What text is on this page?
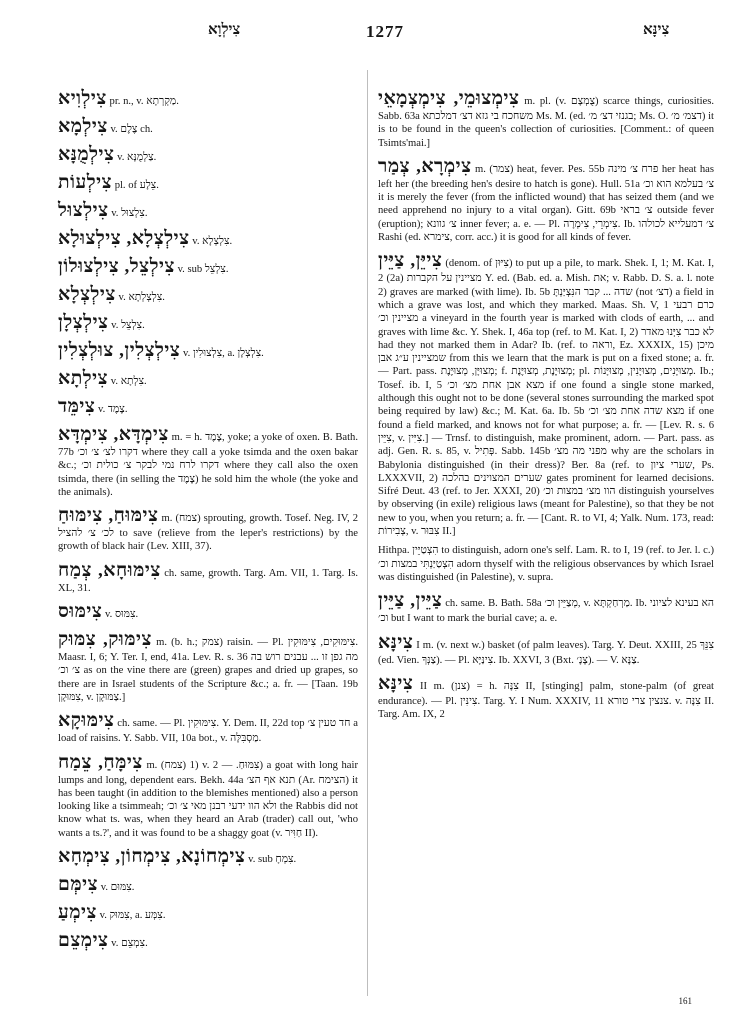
צִילְוָא	1277	צִינָּא
צִילְוִיא pr. n., v. מַקְרְתָא.
צִילְמָא v. צֶלֶם ch.
צִילְמֻנָּא v. צַלְמֻנָּא.
צִילְעוֹת pl. of צֵלָע.
צִילְצוּל v. צִלְצוּל.
צִילְצְלָא, צִילְצוּלָא v. צִלְצְלָא.
צִילְצֵל, צִילְצוּלוֹן v. sub צִלְצֵל.
צִילְצְלָא v. צִלְצְלְתָא.
צִילְצְלָן v. צִלְצֵל.
צִילְצְלִין, צוּלְצְלִין v. צִלְצוּלִין, a. צִלְצְלָן.
צִילְתָא v. צִלְתָא.
צִימֵּד v. צֶמֶד.
צִימְדָּא, צִימְדָּא m. = h. צֶמֶד, yoke; a yoke of oxen. B. Bath. 77b דקרו לצ׳ צ׳ וכ׳ where they call a yoke tsimda and the oxen bakar &c.; דקרו לרח נמי לבקר צ׳ כולית וכ׳ where they call also the oxen tsimda, there (in selling the צֶמֶד) he sold him the whole (the yoke and the animals).
צִימּוּחַ, צִימּוּחַ m. (צמח) sprouting, growth. Tosef. Neg. IV, 2 לכ׳ צ׳ להציל to save (relieve from the leper's restrictions) by the growth of black hair (Lev. XIII, 37).
צִימּוּחָא, צְמַח ch. same, growth. Targ. Am. VII, 1. Targ. Is. XL, 31.
צִימּוּס v. צִמּוּס.
צִימּוּק, צִמּוּק m. (b. h.; צמק) raisin. — Pl. צִימּוּקִים, צִימּוּקִין. Maasr. I, 6; Y. Ter. I, end, 41a. Lev. R. s. 36 מה גפן זו ... עבנים רוש בה צ׳ וכ׳ as on the vine there are (green) grapes and dried up grapes, so there are in Israel students of the Scripture &c.; a. fr. — [Taan. 19b צִמּוּקָן, v. צַמּוּקָן.]
צִימּוּקָא ch. same. — Pl. צִימּוּקִין. Y. Dem. II, 22d top חד טעין צ׳ a load of raisins. Y. Sabb. VII, 10a bot., v. מַסְבִּלָּה.
צִימָּחַ, צֵמַח m. (צמח) 1) v. צִמּוּחַ. — 2) a goat with long hair lumps and long, dependent ears. Bekh. 44a תנא אף הצ׳ (Ar. הצימח) it has been taught (in addition to the blemishes mentioned) also a person looking like a tsimmeah; ולא הוו ידעי רבנן מאי צ׳ וכ׳ the Rabbis did not know what ts. was, when they heard an Arab (trader) call out, 'who wants a ts.?', and it was found to be a shaggy goat (v. חַוִּיר II).
צִימְחוֹנָא, צִימְחוֹן, צִימְחָא v. sub צִמְחָ.
צִימְּם v. צִמּוּם.
צִימְעַ v. צִמּוּק, a. צִמְּע.
צִימְצֵם v. צִמְצֵם.
צִימְצוּמֵי, צִימְצְמָאֵי m. pl. (v. צֻמְצָם) scarce things, curiosities. Sabb. 63a משחכח בי גזא דצ׳ דמלכתא Ms. M. (ed. בגנזי דצ׳ מ׳; Ms. O. דצמ׳ מ׳) it is to be found in the queen's collection of curiosities. [Comment.: of queen Tsimts'mai.]
צִימְרָא, צְמַר m. (צמר) heat, fever. Pes. 55b פרח צ׳ מינה her heat has left her (the breeding hen's desire to hatch is gone). Hull. 51a צ׳ בעלמא הוא וכ׳ it is merely the fever (from the inflicted wound) that has seized them (and we need apprehend no injury to a vital organ). Gitt. 69b צ׳ בראי outside fever (eruption); צ׳ גוונא inner fever; a. e. — Pl. צִימְרֵי, צִימְרָה. Ib. צ׳ דמעלייא לכולהו Rashi (ed. צימרא, corr. acc.) it is good for all kinds of fever.
צִייֵּן, צַיֵּין (denom. of צִיּוּן) to put up a pile, to mark. Shek. I, 1; M. Kat. I, 2 (2a) מציינין על הקברות Y. ed. (Bab. ed. a. Mish. את; v. Rabb. D. S. a. l. note 2) graves are marked (with lime). Ib. 5b שדה ... קבר הנִּצְיַּנְתָּ (not דצ׳) a field in which a grave was lost, and which they marked. Maas. Sh. V, 1 כרם רבעי מציינין וכ׳ a vineyard in the fourth year is marked with clods of earth, ... and graves with lime &c. Y. Shek. I, 46a top (ref. to M. Kat. I, 2) לא כבר צִיְּנוּ מאדר had they not marked them in Adar? Ib. (ref. to וראה, Ez. XXXIX, 15) מיכן שמציינין ע״ג אבן from this we learn that the mark is put on a fixed stone; a. fr. — Part. pass. מְצוּיָּן, מְצוּיֶּנֶת; f. מְצוּיֶּנֶת, מְצוּיֶּנֶת; pl. מְצוּיָּנִים, מְצוּיָּנִין, מְצוּיָּנוֹת. Ib.; Tosef. ib. I, 5 מצא אבן אחת מצ׳ וכ׳ if one found a single stone marked, although this ought not to be done (several stones surrounding the marked spot being required by law) &c.; M. Kat. 6a. Ib. 5b מצא שדה אחת מצ׳ וכ׳ if one found a field marked, and knows not for what purpose; a. fr. — [Lev. R. s. 6 צִיֵּין, v. צִיִּין.] — Trnsf. to distinguish, make prominent, adorn. — Part. pass. as adj. Gen. R. s. 85, v. פְּתִיל. Sabb. 145b מפני מה מצ׳ why are the scholars in Babylonia distinguished (in their dress)? Ber. 8a (ref. to שערי ציון, Ps. LXXXVII, 2) שערים המצוינים בהלכה gates prominent for learned decisions. Sifré Deut. 43 (ref. to Jer. XXXI, 20) הוו מצ׳ במצות וכ׳ distinguish yourselves by observing (in exile) religious laws (meant for Palestine), so that they be not new to you, when you return; a. fr. — [Cant. R. to VI, 4; Yalk. Num. 173, read: צְבִירוֹת, v. צִבּוּר II.]
Hithpa. הִצְטַיֵּין to distinguish, adorn one's self. Lam. R. to I, 19 (ref. to Jer. l. c.) הִצְטַיַּנְתִּי במצות וכ׳ adorn thyself with the religious observances by which Israel was distinguished (in Palestine), v. supra.
צַיֵּין, צַיֵּין ch. same. B. Bath. 58a מְצַיֵּין וכ׳, v. מַרְחַקְתָּא. Ib. הא בעינא לציוני וכ׳ but I want to mark the burial cave; a. e.
צִינָּא I m. (v. next w.) basket (of palm leaves). Targ. Y. Deut. XXIII, 25 צִנֵּךְ (ed. Vien. צַנְּךָ). — Pl. צִינַּיָּא. Ib. XXVI, 3 (Bxt. צָנָ׳). — V. צַנָּא.
צִינָּא II m. (צנן) = h. צִנָּה II, [stinging] palm, stone-palm (of great endurance). — Pl. צִינִּין. Targ. Y. I Num. XXXIV, 11 צנצין צרי טורא. v. צִנָּה II. Targ. Am. IX, 2
161
